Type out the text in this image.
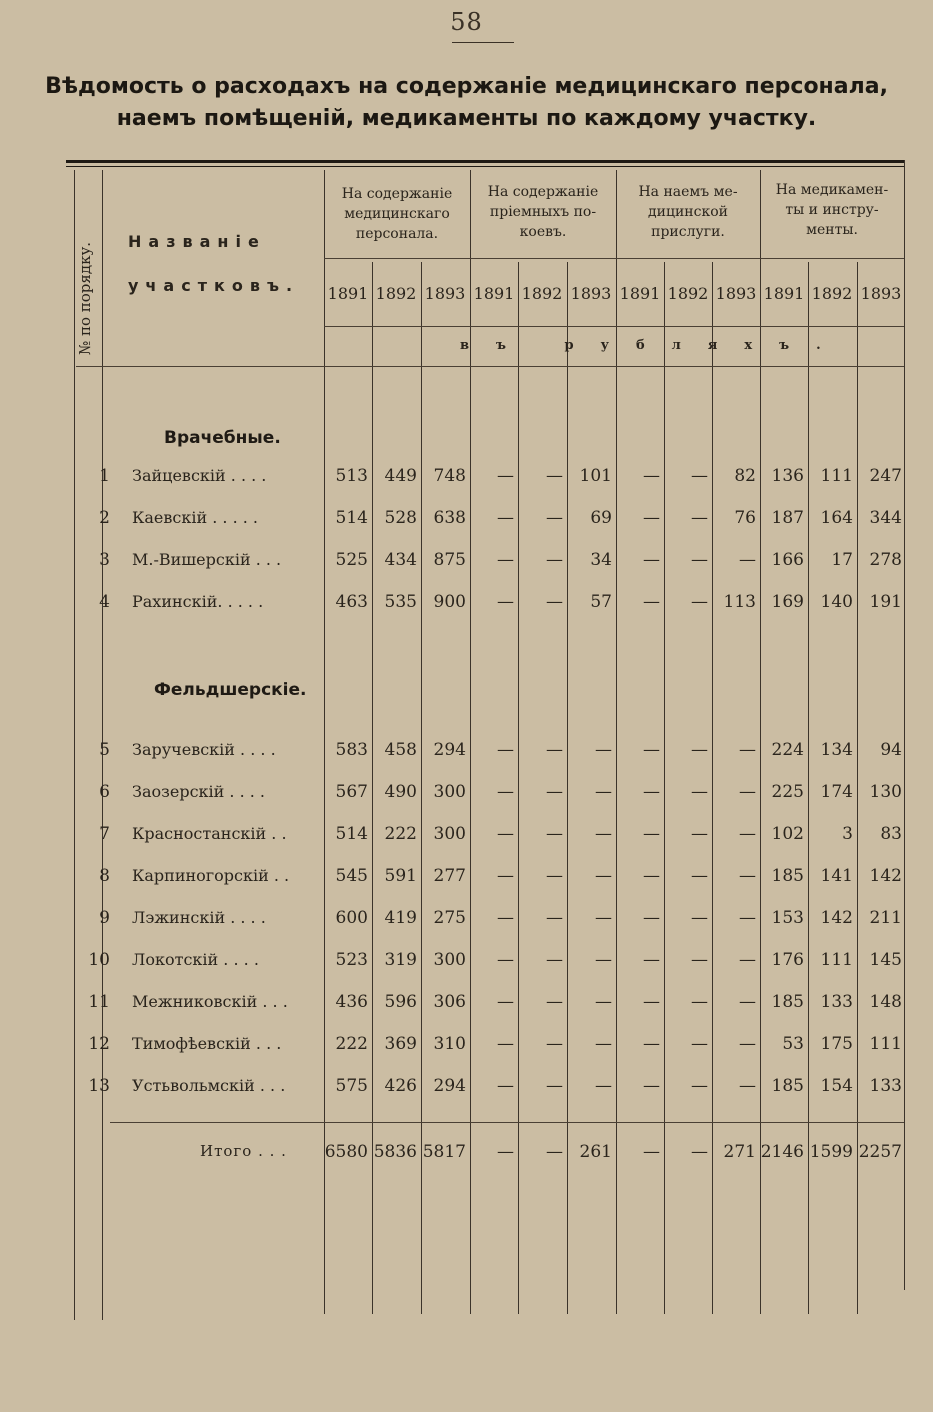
58
Вѣдомость о расходахъ на содержаніе медицинскаго персонала,
наемъ помѣщеній, медикаменты по каждому участку.
№ по порядку.
Названіе
участковъ.
На содержаніе
медицинскаго
персонала.
На содержаніе
пріемныхъ по-
коевъ.
На наемъ ме-
дицинской
прислуги.
На медикамен-
ты и инстру-
менты.
1891 1892 1893 1891 1892 1893 1891 1892 1893 1891 1892 1893
въ рубляхъ.
Врачебные.
Фельдшерскіе.
1 Зайцевскій . . . .	513 449 748	—	— 101	—	—	82 136 111 247
2 Каевскій . . . . .	514 528 638	—	—	69	—	—	76 187 164 344
3 М.-Вишерскій . . .	525 434 875	—	—	34	—	—	— 166	17 278
4 Рахинскій. . . . .	463 535 900	—	—	57	—	— 113 169 140 191
5 Заручевскій . . . .	583 458 294	—	—	—	—	—	— 224 134	94
6 Заозерскій . . . .	567 490 300	—	—	—	—	—	— 225 174 130
7 Красностанскій . .	514 222 300	—	—	—	—	—	— 102	3	83
8 Карпиногорскій . .	545 591 277	—	—	—	—	—	— 185 141 142
9 Лэжинскій . . . .	600 419 275	—	—	—	—	—	— 153 142 211
10 Локотскій . . . .	523 319 300	—	—	—	—	—	— 176 111 145
11 Межниковскій . . .	436 596 306	—	—	—	—	—	— 185 133 148
12 Тимофѣевскій . . .	222 369 310	—	—	—	—	—	—	53 175 111
13 Устьвольмскій . . .	575 426 294	—	—	—	—	—	— 185 154 133
Итого . . . 6580 5836 5817	—	— 261	—	— 271 2146 1599 2257
